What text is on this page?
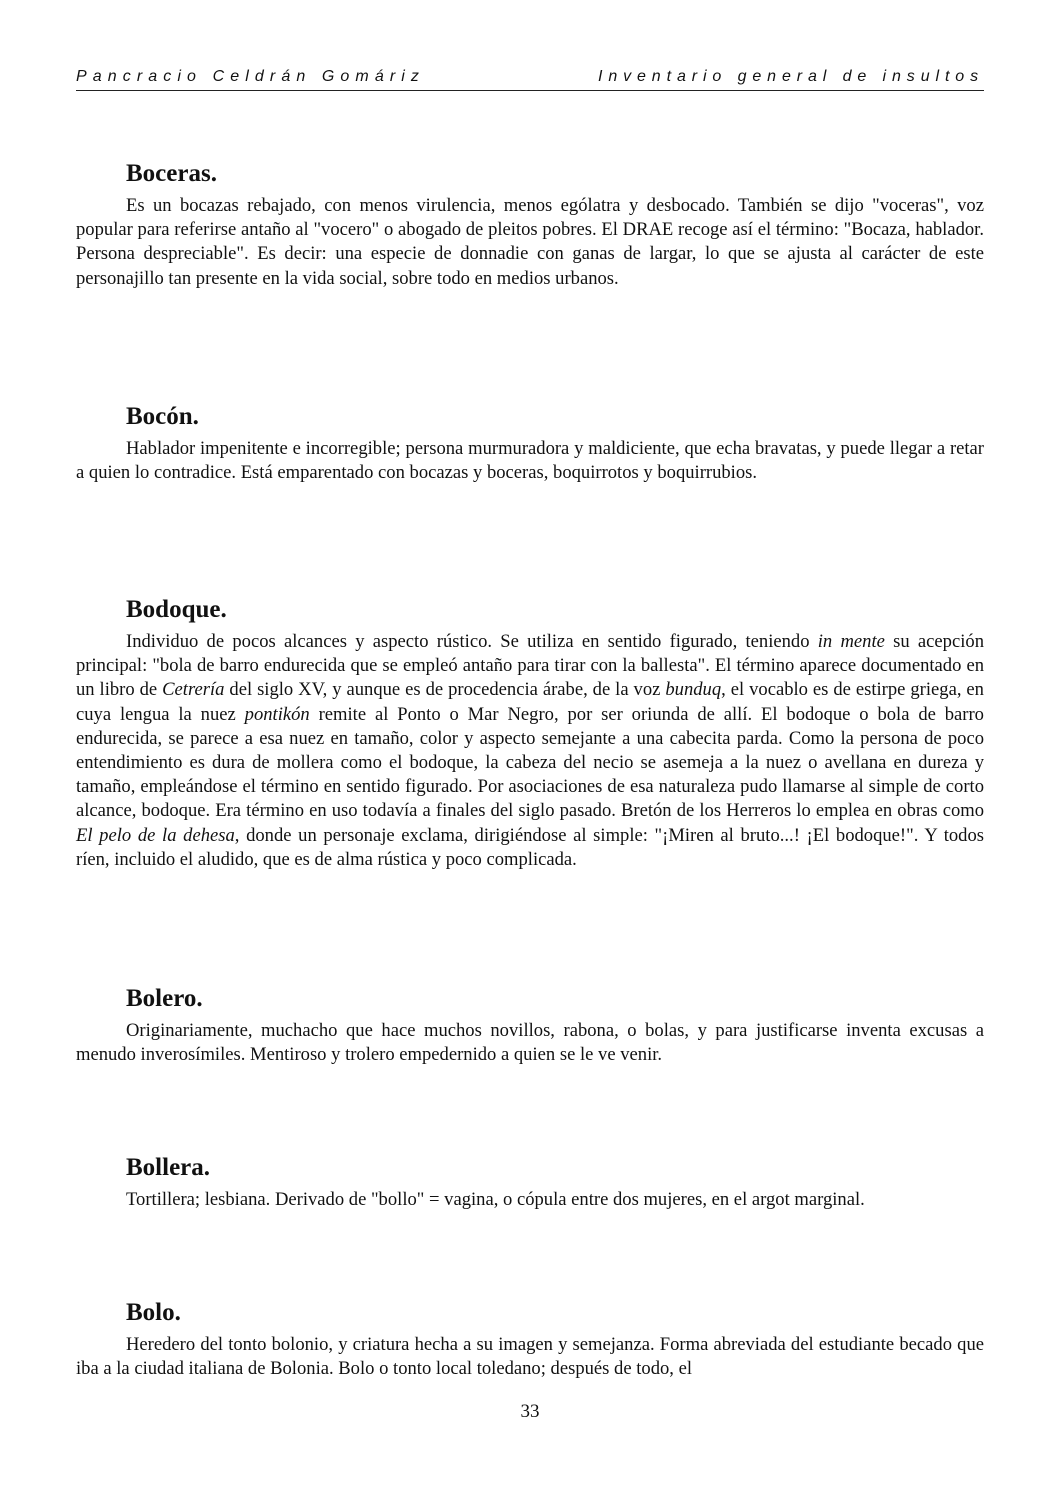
Pancracio Celdrán Gomáriz	Inventario general de insultos
Boceras.

Es un bocazas rebajado, con menos virulencia, menos ególatra y desbocado. También se dijo "voceras", voz popular para referirse antaño al "vocero" o abogado de pleitos pobres. El DRAE recoge así el término: "Bocaza, hablador. Persona despreciable". Es decir: una especie de donnadie con ganas de largar, lo que se ajusta al carácter de este personajillo tan presente en la vida social, sobre todo en medios urbanos.

Bocón.

Hablador impenitente e incorregible; persona murmuradora y maldiciente, que echa bravatas, y puede llegar a retar a quien lo contradice. Está emparentado con bocazas y boceras, boquirrotos y boquirrubios.

Bodoque.

Individuo de pocos alcances y aspecto rústico. Se utiliza en sentido figurado, teniendo in mente su acepción principal: "bola de barro endurecida que se empleó antaño para tirar con la ballesta". El término aparece documentado en un libro de Cetrería del siglo XV, y aunque es de procedencia árabe, de la voz bunduq, el vocablo es de estirpe griega, en cuya lengua la nuez pontikón remite al Ponto o Mar Negro, por ser oriunda de allí. El bodoque o bola de barro endurecida, se parece a esa nuez en tamaño, color y aspecto semejante a una cabecita parda. Como la persona de poco entendimiento es dura de mollera como el bodoque, la cabeza del necio se asemeja a la nuez o avellana en dureza y tamaño, empleándose el término en sentido figurado. Por asociaciones de esa naturaleza pudo llamarse al simple de corto alcance, bodoque. Era término en uso todavía a finales del siglo pasado. Bretón de los Herreros lo emplea en obras como El pelo de la dehesa, donde un personaje exclama, dirigiéndose al simple: "¡Miren al bruto...! ¡El bodoque!". Y todos ríen, incluido el aludido, que es de alma rústica y poco complicada.

Bolero.

Originariamente, muchacho que hace muchos novillos, rabona, o bolas, y para justificarse inventa excusas a menudo inverosímiles. Mentiroso y trolero empedernido a quien se le ve venir.

Bollera.

Tortillera; lesbiana. Derivado de "bollo" = vagina, o cópula entre dos mujeres, en el argot marginal.

Bolo.

Heredero del tonto bolonio, y criatura hecha a su imagen y semejanza. Forma abreviada del estudiante becado que iba a la ciudad italiana de Bolonia. Bolo o tonto local toledano; después de todo, el

33
